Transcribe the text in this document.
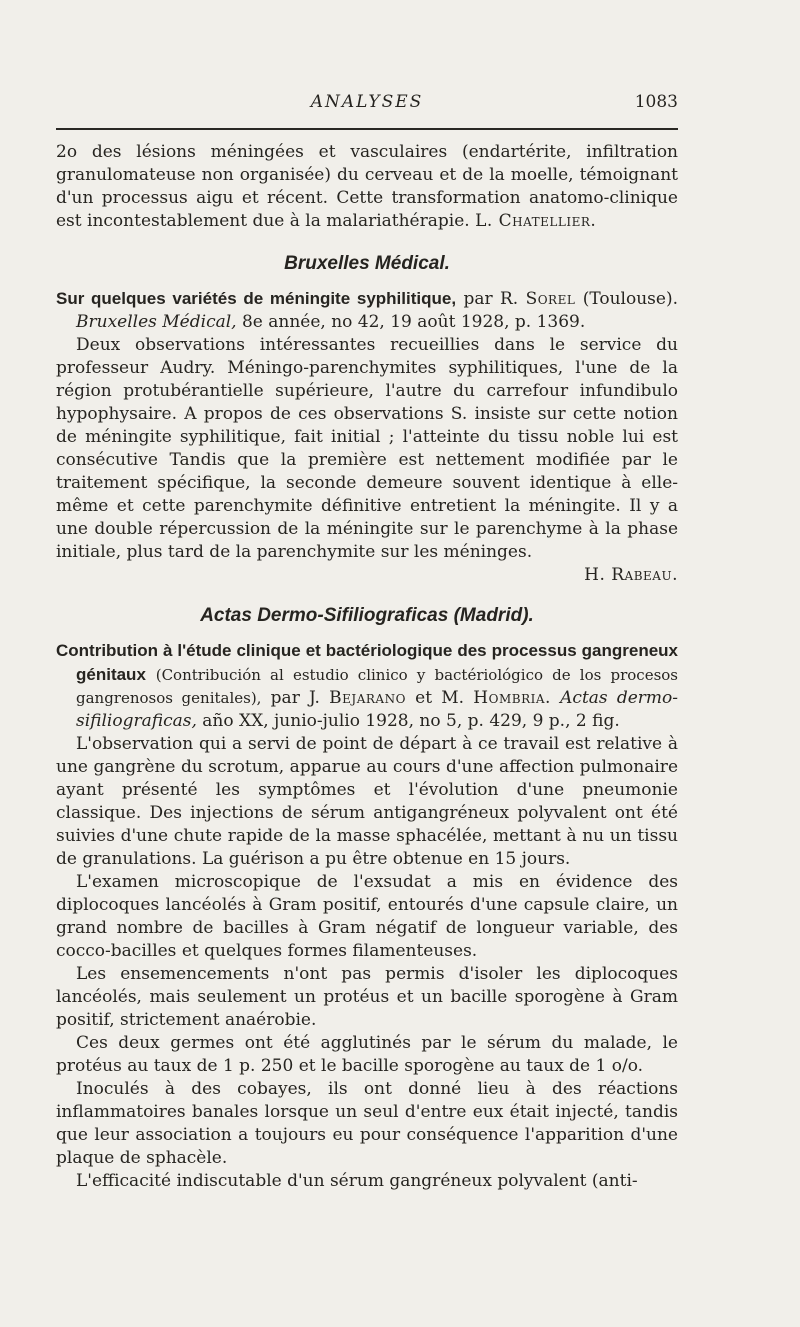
ANALYSES	1083

2o des lésions méningées et vasculaires (endartérite, infiltration granulomateuse non organisée) du cerveau et de la moelle, témoignant d'un processus aigu et récent. Cette transformation anatomo-clinique est incontestablement due à la malariathérapie. L. Chatellier.

Bruxelles Médical.

Sur quelques variétés de méningite syphilitique, par R. Sorel (Toulouse). Bruxelles Médical, 8e année, no 42, 19 août 1928, p. 1369.

Deux observations intéressantes recueillies dans le service du professeur Audry. Méningo-parenchymites syphilitiques, l'une de la région protubérantielle supérieure, l'autre du carrefour infundibulo hypophysaire. A propos de ces observations S. insiste sur cette notion de méningite syphilitique, fait initial ; l'atteinte du tissu noble lui est consécutive Tandis que la première est nettement modifiée par le traitement spécifique, la seconde demeure souvent identique à elle-même et cette parenchymite définitive entretient la méningite. Il y a une double répercussion de la méningite sur le parenchyme à la phase initiale, plus tard de la parenchymite sur les méninges.

H. Rabeau.

Actas Dermo-Sifiliograficas (Madrid).

Contribution à l'étude clinique et bactériologique des processus gangreneux génitaux (Contribución al estudio clinico y bactériológico de los procesos gangrenosos genitales), par J. Bejarano et M. Hombria. Actas dermo-sifiliograficas, año XX, junio-julio 1928, no 5, p. 429, 9 p., 2 fig.

L'observation qui a servi de point de départ à ce travail est relative à une gangrène du scrotum, apparue au cours d'une affection pulmonaire ayant présenté les symptômes et l'évolution d'une pneumonie classique. Des injections de sérum antigangréneux polyvalent ont été suivies d'une chute rapide de la masse sphacélée, mettant à nu un tissu de granulations. La guérison a pu être obtenue en 15 jours.

L'examen microscopique de l'exsudat a mis en évidence des diplocoques lancéolés à Gram positif, entourés d'une capsule claire, un grand nombre de bacilles à Gram négatif de longueur variable, des cocco-bacilles et quelques formes filamenteuses.

Les ensemencements n'ont pas permis d'isoler les diplocoques lancéolés, mais seulement un protéus et un bacille sporogène à Gram positif, strictement anaérobie.

Ces deux germes ont été agglutinés par le sérum du malade, le protéus au taux de 1 p. 250 et le bacille sporogène au taux de 1 o/o.

Inoculés à des cobayes, ils ont donné lieu à des réactions inflammatoires banales lorsque un seul d'entre eux était injecté, tandis que leur association a toujours eu pour conséquence l'apparition d'une plaque de sphacèle.

L'efficacité indiscutable d'un sérum gangréneux polyvalent (anti-
